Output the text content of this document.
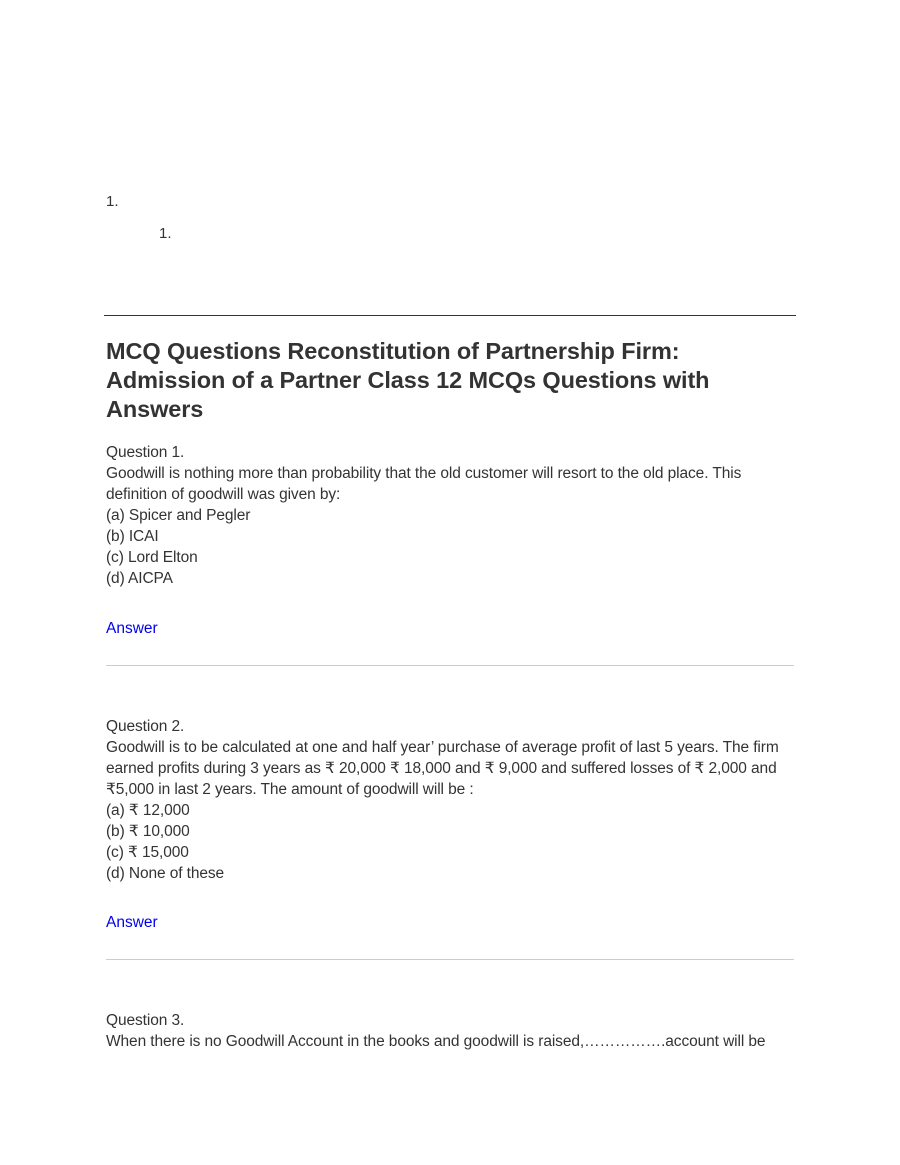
1.
1.
MCQ Questions Reconstitution of Partnership Firm: Admission of a Partner Class 12 MCQs Questions with Answers

Question 1.

Goodwill is nothing more than probability that the old customer will resort to the old place. This definition of goodwill was given by:

(a) Spicer and Pegler

(b) ICAI

(c) Lord Elton

(d) AICPA

Answer

Question 2.

Goodwill is to be calculated at one and half year’ purchase of average profit of last 5 years. The firm earned profits during 3 years as ₹ 20,000 ₹ 18,000 and ₹ 9,000 and suffered losses of ₹ 2,000 and ₹5,000 in last 2 years. The amount of goodwill will be :

(a) ₹ 12,000

(b) ₹ 10,000

(c) ₹ 15,000

(d) None of these

Answer

Question 3.

When there is no Goodwill Account in the books and goodwill is raised,…………….account will be
